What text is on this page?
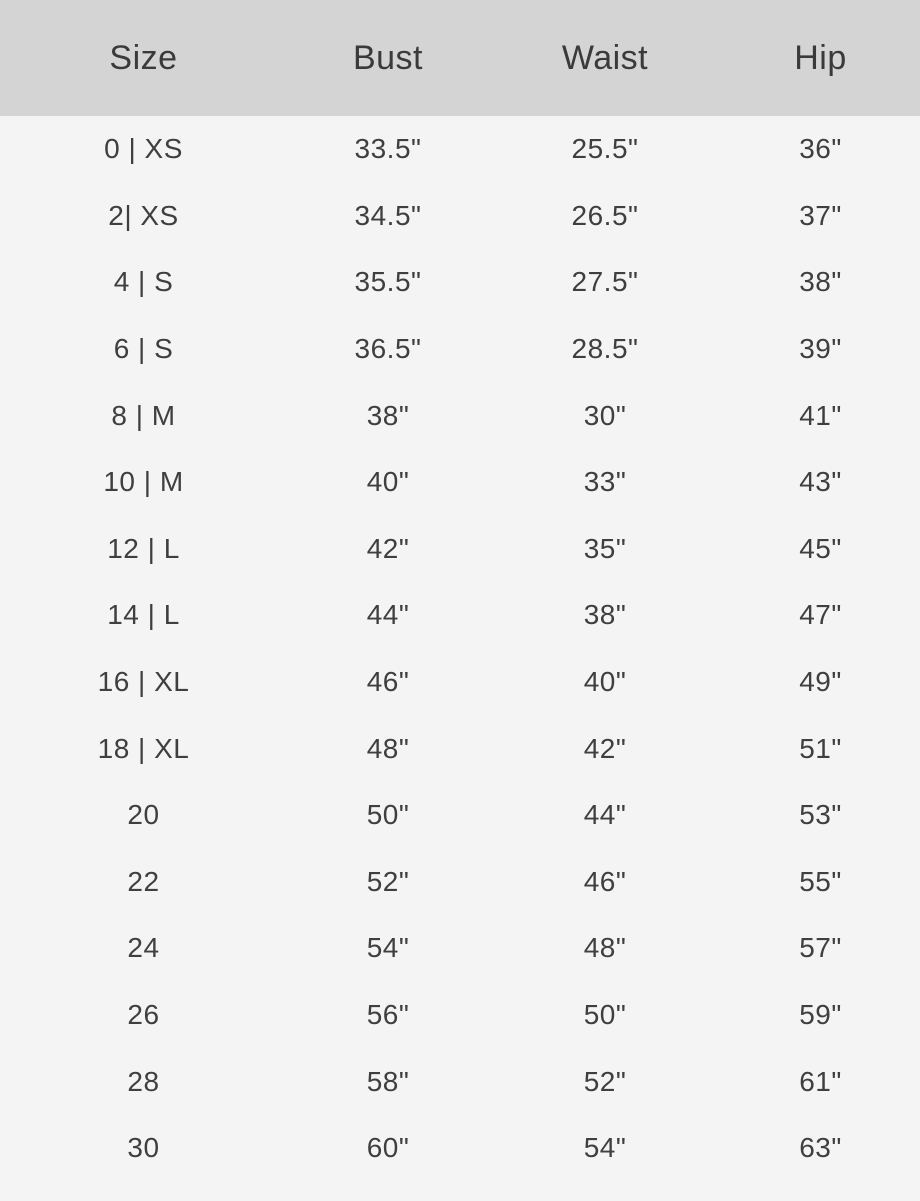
Size	Bust	Waist	Hip
0 | XS	33.5"	25.5"	36"
2| XS	34.5"	26.5"	37"
4 | S	35.5"	27.5"	38"
6 | S	36.5"	28.5"	39"
8 | M	38"	30"	41"
10 | M	40"	33"	43"
12 | L	42"	35"	45"
14 | L	44"	38"	47"
16 | XL	46"	40"	49"
18 | XL	48"	42"	51"
20	50"	44"	53"
22	52"	46"	55"
24	54"	48"	57"
26	56"	50"	59"
28	58"	52"	61"
30	60"	54"	63"
